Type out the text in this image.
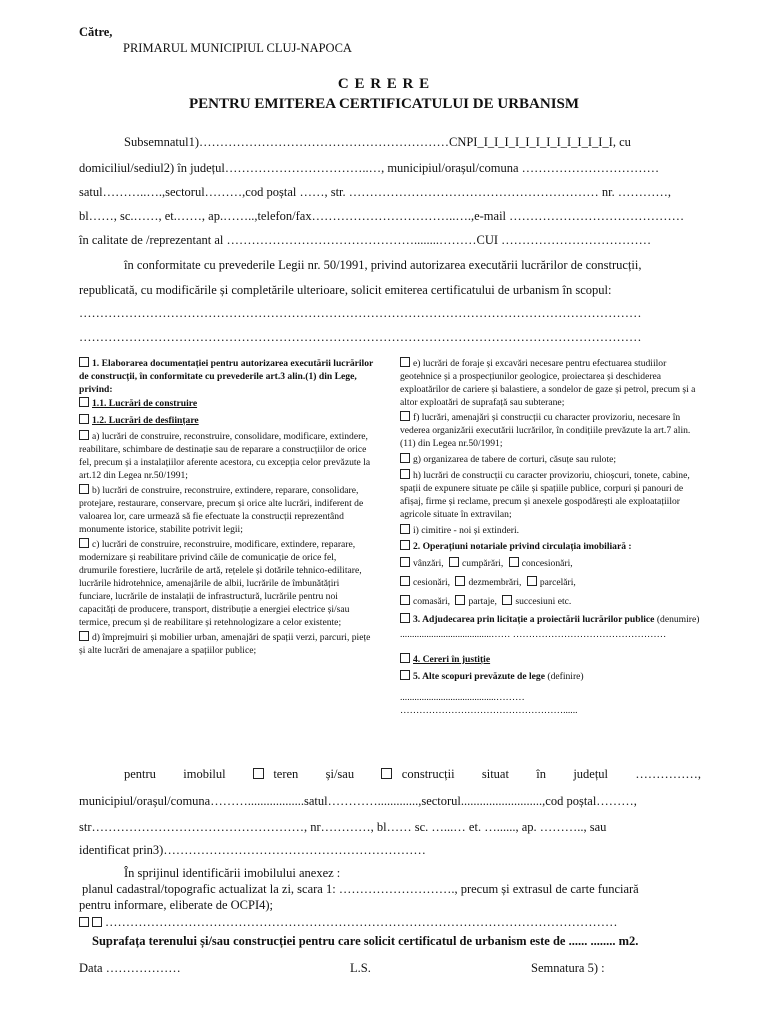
Către,
PRIMARUL MUNICIPIUL CLUJ-NAPOCA
C E R E R E
PENTRU EMITEREA CERTIFICATULUI DE URBANISM
Subsemnatul1)……………………………………………………CNPI_I_I_I_I_I_I_I_I_I_I_I_I_I, cu
domiciliul/sediul2) în județul……………………………..…, municipiul/orașul/comuna ……………………………
satul………..….,sectorul………,cod poștal ……, str. …………………………………………………… nr. …………,
bl……, sc.……, et.……, ap.……..,telefon/fax……………………………..….,e-mail ……………………………………
în calitate de /reprezentant al ………………………………………........………CUI ………………………………
în conformitate cu prevederile Legii nr. 50/1991, privind autorizarea executării lucrărilor de construcții,
republicată, cu modificările și completările ulterioare, solicit emiterea certificatului de urbanism în scopul:
………………………………………………………………………………………………………………………
………………………………………………………………………………………………………………………
1. Elaborarea documentației pentru autorizarea executării lucrărilor de construcții, în conformitate cu prevederile art.3 alin.(1) din Lege, privind:
1.1. Lucrări de construire
1.2. Lucrări de desființare
a) lucrări de construire, reconstruire, consolidare, modificare, extindere, reabilitare, schimbare de destinație sau de reparare a construcțiilor de orice fel, precum și a instalațiilor aferente acestora, cu excepția celor prevăzute la art.12 din Legea nr.50/1991;
b) lucrări de construire, reconstruire, extindere, reparare, consolidare, protejare, restaurare, conservare, precum și orice alte lucrări, indiferent de valoarea lor, care urmează să fie efectuate la construcții reprezentând monumente istorice, stabilite potrivit legii;
c) lucrări de construire, reconstruire, modificare, extindere, reparare, modernizare și reabilitare privind căile de comunicație de orice fel, drumurile forestiere, lucrările de artă, rețelele și dotările tehnico-edilitare, lucrările hidrotehnice, amenajările de albii, lucrările de îmbunătățiri funciare, lucrările de instalații de infrastructură, lucrările pentru noi capacități de producere, transport, distribuție a energiei electrice și/sau termice, precum și de reabilitare și retehnologizare a celor existente;
d) împrejmuiri și mobilier urban, amenajări de spații verzi, parcuri, piețe și alte lucrări de amenajare a spațiilor publice;
e) lucrări de foraje și excavări necesare pentru efectuarea studiilor geotehnice și a prospecțiunilor geologice, proiectarea și deschiderea exploatărilor de cariere și balastiere, a sondelor de gaze și petrol, precum și a altor exploatări de suprafață sau subterane;
f) lucrări, amenajări și construcții cu character provizoriu, necesare în vederea organizării executării lucrărilor, în condițiile prevăzute la art.7 alin.(11) din Legea nr.50/1991;
g) organizarea de tabere de corturi, căsuțe sau rulote;
h) lucrări de construcții cu caracter provizoriu, chioșcuri, tonete, cabine, spații de expunere situate pe căile și spațiile publice, corpuri și panouri de afișaj, firme și reclame, precum și anexele gospodărești ale exploatațiilor agricole situate în extravilan;
i) cimitire - noi și extinderi.
2. Operațiuni notariale privind circulația imobiliară :
vânzări, cumpărări, concesionări,
cesionări, dezmembrări, parcelări,
comasări, partaje, succesiuni etc.
3. Adjudecarea prin licitație a proiectării lucrărilor publice (denumire)
......................................…… …………………………………………
4. Cereri în justiție
5. Alte scopuri prevăzute de lege (definire)
........................................……… ……………………………………………......
pentru imobilul	teren și/sau	construcții situat în județul ……………,
municipiul/orașul/comuna………..................satul………….............,sectorul..........................,cod poștal………,
str……………………………………………, nr…………, bl…… sc. …...… et. …......, ap. ……….., sau
identificat prin3)………………………………………………………
În sprijinul identificării imobilului anexez :
planul cadastral/topografic actualizat la zi, scara 1: ………………………., precum și extrasul de carte funciară
pentru informare, eliberate de OCPI4);
……………………………………………………………………………………………………………
Suprafața terenului și/sau construcției pentru care solicit certificatul de urbanism este de ...... ........ m2.
Data ………………	L.S.	Semnatura 5) :
